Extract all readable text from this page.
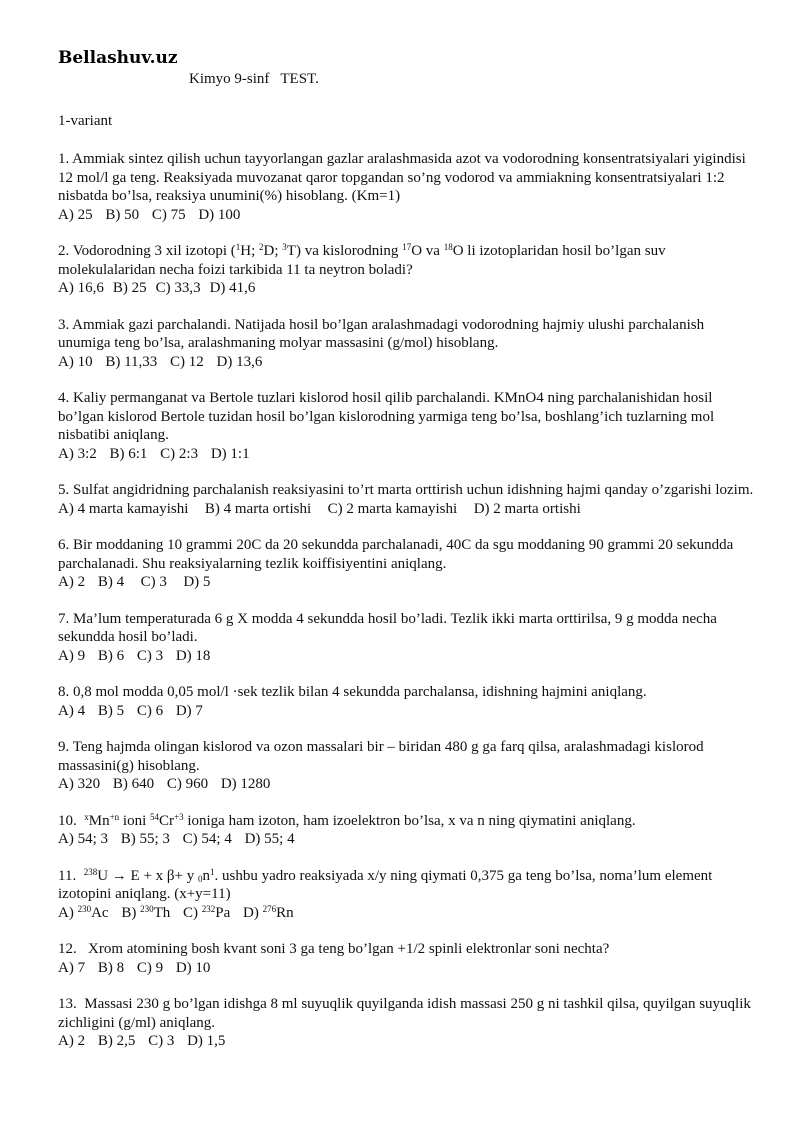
Bellashuv.uz

Kimyo 9-sinf   TEST.

1-variant

1. Ammiak sintez qilish uchun tayyorlangan gazlar aralashmasida azot va vodorodning konsentratsiyalari yigindisi 12 mol/l ga teng. Reaksiyada muvozanat qaror topgandan so’ng vodorod va ammiakning konsentratsiyalari 1:2 nisbatda bo’lsa, reaksiya unumini(%) hisoblang. (Km=1)

A) 25 B) 50 C) 75 D) 100

2. Vodorodning 3 xil izotopi ($^1$H; $^2$D; $^3$T) va kislorodning $^{17}$O va $^{18}$O li izotoplaridan hosil bo’lgan suv molekulalaridan necha foizi tarkibida 11 ta neytron boladi?

A) 16,6 B) 25 C) 33,3 D) 41,6

3. Ammiak gazi parchalandi. Natijada hosil bo’lgan aralashmadagi vodorodning hajmiy ulushi parchalanish unumiga teng bo’lsa, aralashmaning molyar massasini (g/mol) hisoblang.

A) 10 B) 11,33 C) 12 D) 13,6

4. Kaliy permanganat va Bertole tuzlari kislorod hosil qilib parchalandi. KMnO4 ning parchalanishidan hosil bo’lgan kislorod Bertole tuzidan hosil bo’lgan kislorodning yarmiga teng bo’lsa, boshlang’ich tuzlarning mol nisbatibi aniqlang.

A) 3:2 B) 6:1 C) 2:3 D) 1:1

5. Sulfat angidridning parchalanish reaksiyasini to’rt marta orttirish uchun idishning hajmi qanday o’zgarishi lozim.

A) 4 marta kamayishi B) 4 marta ortishi C) 2 marta kamayishi D) 2 marta ortishi

6. Bir moddaning 10 grammi 20C da 20 sekundda parchalanadi, 40C da sgu moddaning 90 grammi 20 sekundda parchalanadi. Shu reaksiyalarning tezlik koiffisiyentini aniqlang.

A) 2 B) 4 C) 3 D) 5

7. Ma’lum temperaturada 6 g X modda 4 sekundda hosil bo’ladi. Tezlik ikki marta orttirilsa, 9 g modda necha sekundda hosil bo’ladi.

A) 9 B) 6 C) 3 D) 18

8. 0,8 mol modda 0,05 mol/l ·sek tezlik bilan 4 sekundda parchalansa, idishning hajmini aniqlang.

A) 4 B) 5 C) 6 D) 7

9. Teng hajmda olingan kislorod va ozon massalari bir – biridan 480 g ga farq qilsa, aralashmadagi kislorod massasini(g) hisoblang.

A) 320 B) 640 C) 960 D) 1280

10.  $^xMn^{+n}$ ioni $^{54}Cr^{+3}$ ioniga ham izoton, ham izoelektron bo’lsa, x va n ning qiymatini aniqlang.

A) 54; 3 B) 55; 3 C) 54; 4 D) 55; 4

11.  $^{238}$U → E + x β+ y $_0n^1$. ushbu yadro reaksiyada x/y ning qiymati 0,375 ga teng bo’lsa, noma’lum element izotopini aniqlang. (x+y=11)

A) $^{230}$Ac B) $^{230}$Th C) $^{232}$Pa D) $^{276}$Rn

12.   Xrom atomining bosh kvant soni 3 ga teng bo’lgan +1/2 spinli elektronlar soni nechta?

A) 7 B) 8 C) 9 D) 10

13.  Massasi 230 g bo’lgan idishga 8 ml suyuqlik quyilganda idish massasi 250 g ni tashkil qilsa, quyilgan suyuqlik zichligini (g/ml) aniqlang.

A) 2 B) 2,5 C) 3 D) 1,5
